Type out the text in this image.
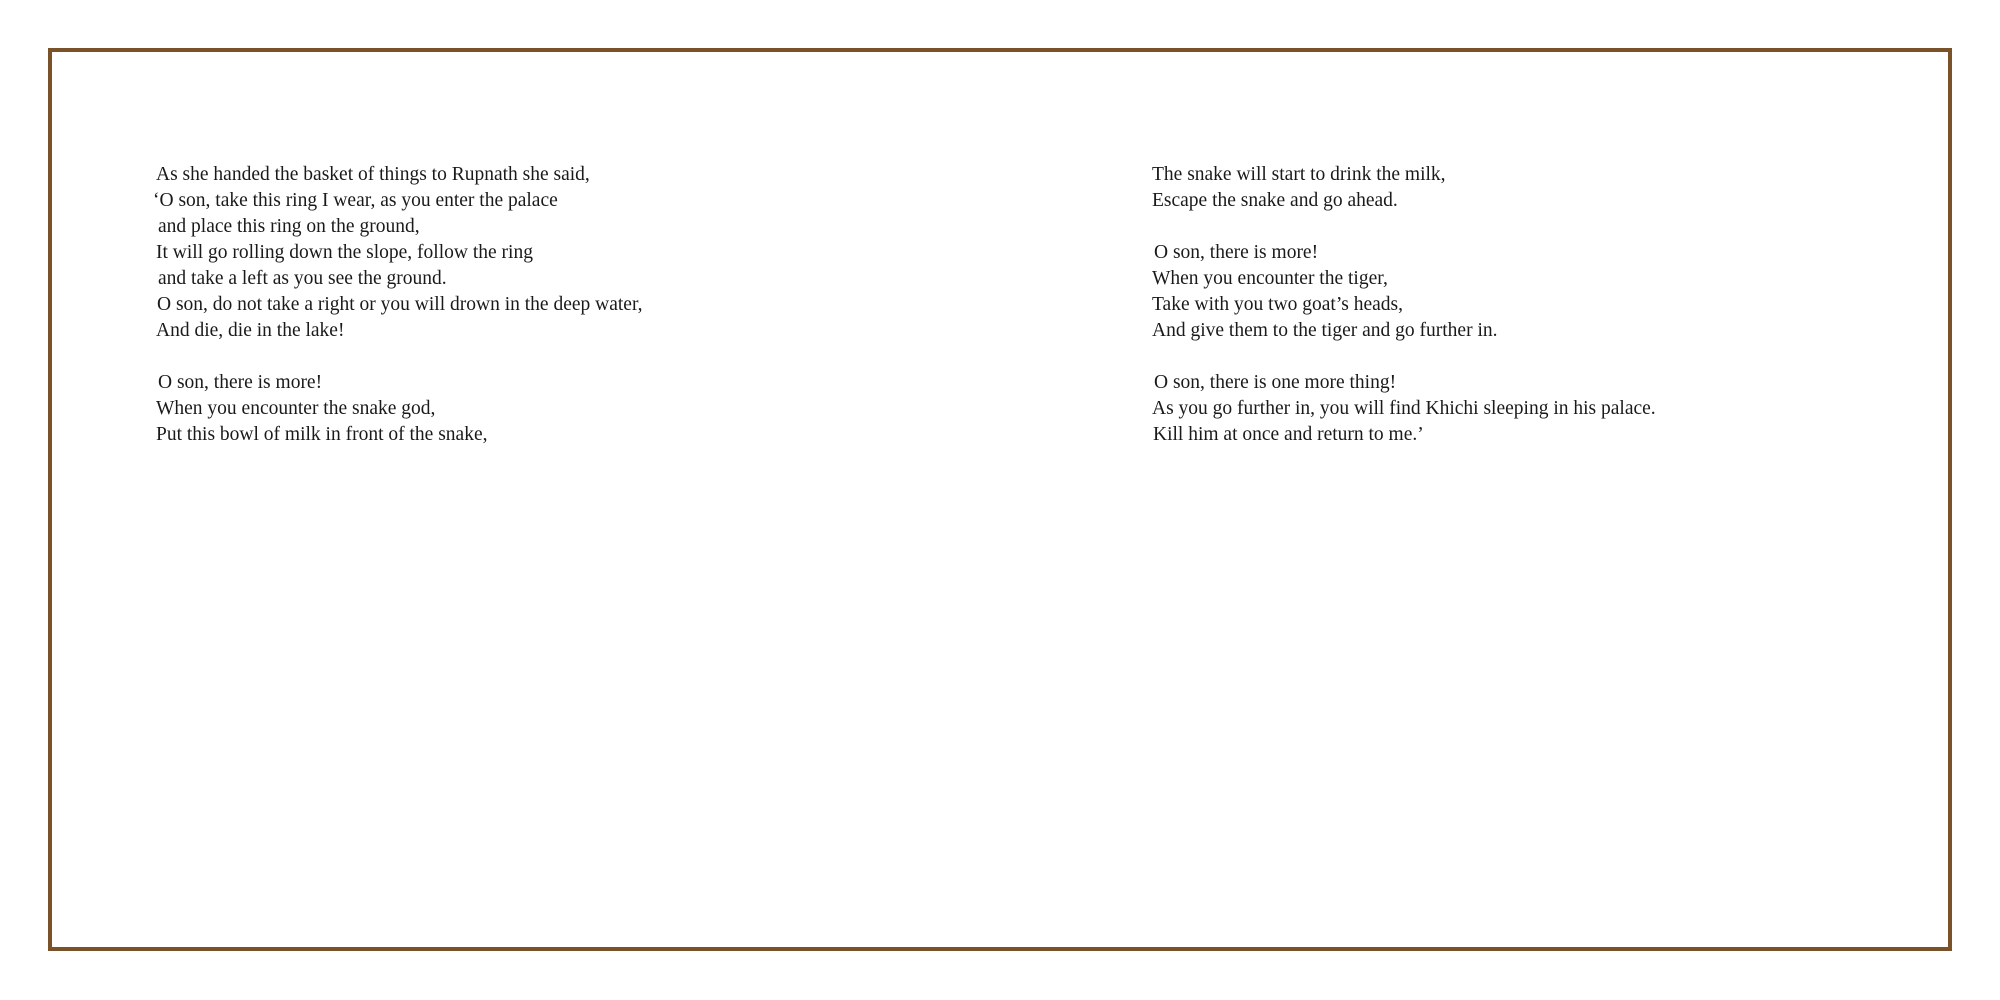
As she handed the basket of things to Rupnath she said,
‘O son, take this ring I wear, as you enter the palace
and place this ring on the ground,
It will go rolling down the slope, follow the ring
and take a left as you see the ground.
O son, do not take a right or you will drown in the deep water,
And die, die in the lake!
O son, there is more!
When you encounter the snake god,
Put this bowl of milk in front of the snake,
The snake will start to drink the milk,
Escape the snake and go ahead.
O son, there is more!
When you encounter the tiger,
Take with you two goat’s heads,
And give them to the tiger and go further in.
O son, there is one more thing!
As you go further in, you will find Khichi sleeping in his palace.
Kill him at once and return to me.’
